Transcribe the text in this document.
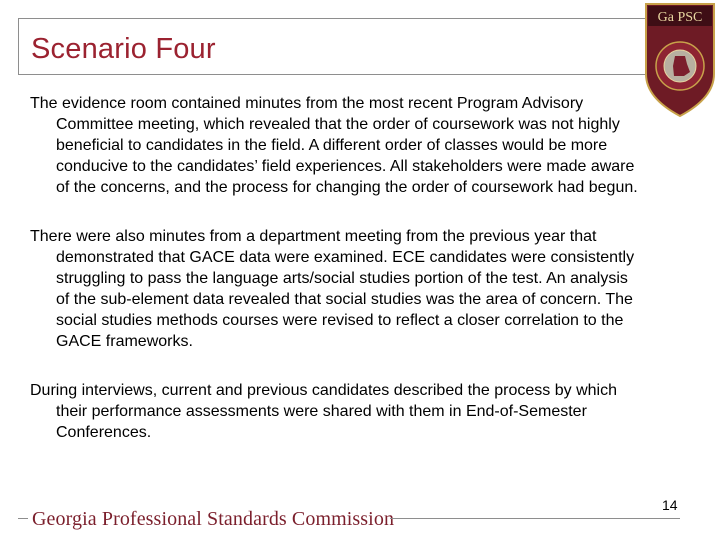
Scenario Four
Ga PSC

The evidence room contained minutes from the most recent Program Advisory Committee meeting, which revealed that the order of coursework was not highly beneficial to candidates in the field. A different order of classes would be more conducive to the candidates’ field experiences. All stakeholders were made aware of the concerns, and the process for changing the order of coursework had begun.

There were also minutes from a department meeting from the previous year that demonstrated that GACE data were examined. ECE candidates were consistently struggling to pass the language arts/social studies portion of the test. An analysis of the sub-element data revealed that social studies was the area of concern. The social studies methods courses were revised to reflect a closer correlation to the GACE frameworks.

During interviews, current and previous candidates described the process by which their performance assessments were shared with them in End-of-Semester Conferences.

Georgia Professional Standards Commission
14
